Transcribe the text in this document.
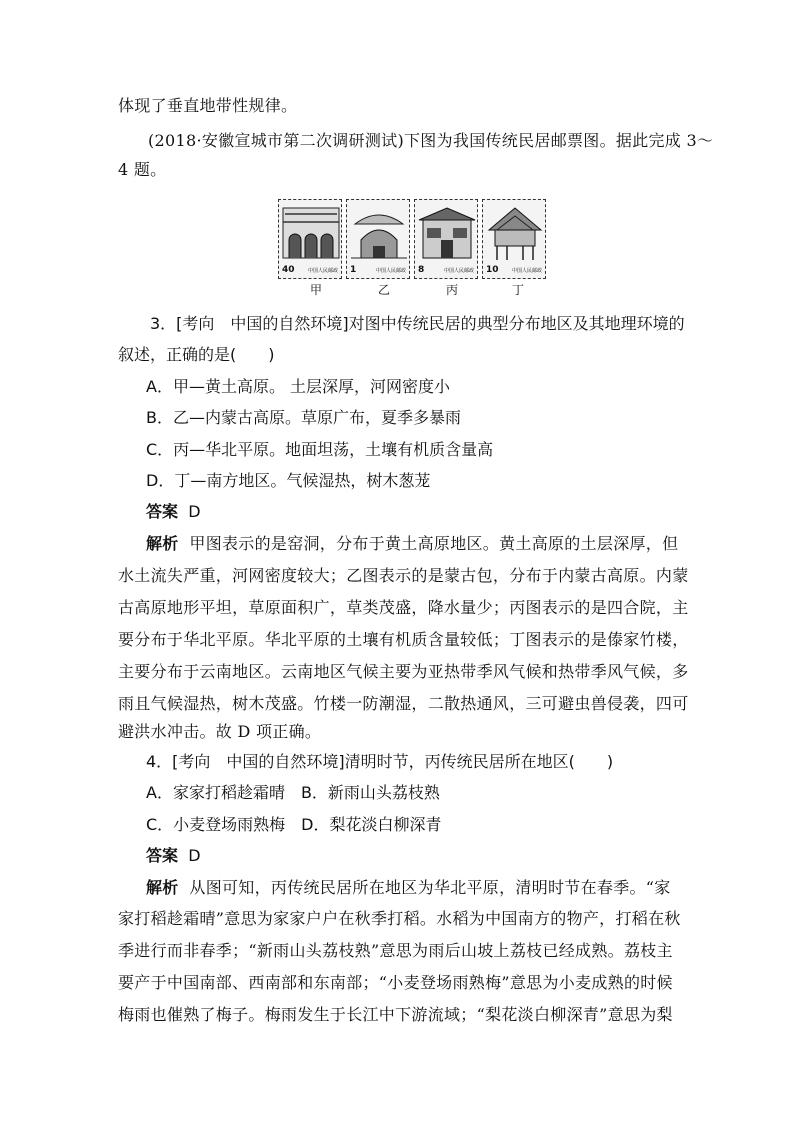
体现了垂直地带性规律。
(2018·安徽宣城市第二次调研测试)下图为我国传统民居邮票图。据此完成 3～
4 题。
40	中国人民邮政 1	中国人民邮政 8	中国人民邮政 10	中国人民邮政
甲	乙	丙	丁
3．[考向　中国的自然环境]对图中传统民居的典型分布地区及其地理环境的
叙述，正确的是(　　)
A．甲—黄土高原。 土层深厚，河网密度小
B．乙—内蒙古高原。草原广布，夏季多暴雨
C．丙—华北平原。地面坦荡，土壤有机质含量高
D．丁—南方地区。气候湿热，树木葱茏
答案 D
解析 甲图表示的是窑洞，分布于黄土高原地区。黄土高原的土层深厚，但
水土流失严重，河网密度较大；乙图表示的是蒙古包，分布于内蒙古高原。内蒙
古高原地形平坦，草原面积广，草类茂盛，降水量少；丙图表示的是四合院，主
要分布于华北平原。华北平原的土壤有机质含量较低；丁图表示的是傣家竹楼，
主要分布于云南地区。云南地区气候主要为亚热带季风气候和热带季风气候，多
雨且气候湿热，树木茂盛。竹楼一防潮湿，二散热通风，三可避虫兽侵袭，四可
避洪水冲击。故 D 项正确。
4．[考向　中国的自然环境]清明时节，丙传统民居所在地区(　　)
A．家家打稻趁霜晴　B．新雨山头荔枝熟
C．小麦登场雨熟梅　D．梨花淡白柳深青
答案 D
解析 从图可知，丙传统民居所在地区为华北平原，清明时节在春季。“家
家打稻趁霜晴”意思为家家户户在秋季打稻。水稻为中国南方的物产，打稻在秋
季进行而非春季；“新雨山头荔枝熟”意思为雨后山坡上荔枝已经成熟。荔枝主
要产于中国南部、西南部和东南部；“小麦登场雨熟梅”意思为小麦成熟的时候
梅雨也催熟了梅子。梅雨发生于长江中下游流域；“梨花淡白柳深青”意思为梨
